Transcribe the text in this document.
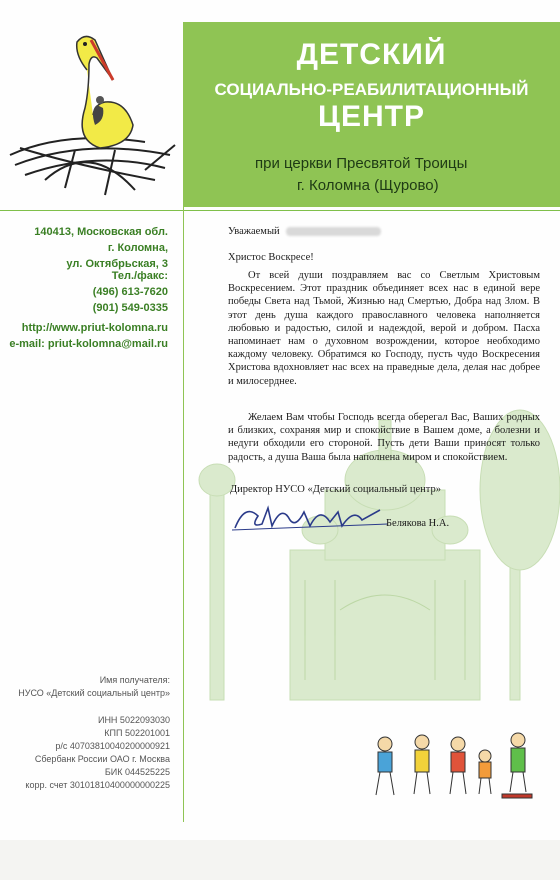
ДЕТСКИЙ
СОЦИАЛЬНО-РЕАБИЛИТАЦИОННЫЙ
ЦЕНТР
при церкви Пресвятой Троицы
г. Коломна (Щурово)
140413, Московская обл.
г. Коломна,
ул. Октябрьская, 3
Тел./факс:
(496) 613-7620
(901) 549-0335
http://www.priut-kolomna.ru
e-mail: priut-kolomna@mail.ru
Имя получателя:
НУСО «Детский социальный центр»
ИНН 5022093030
КПП 502201001
р/с 40703810040200000921
Сбербанк России ОАО г. Москва
БИК 044525225
корр. счет 30101810400000000225
Уважаемый
Христос Воскресе!

От всей души поздравляем вас со Светлым Христовым Воскресением. Этот праздник объединяет всех нас в единой вере победы Света над Тьмой, Жизнью над Смертью, Добра над Злом. В этот день душа каждого православного человека наполняется любовью и радостью, силой и надеждой, верой и добром. Пасха напоминает нам о духовном возрождении, которое необходимо каждому человеку. Обратимся ко Господу, пусть чудо Воскресения Христова вдохновляет нас всех на праведные дела, делая нас добрее и милосерднее.

Желаем Вам чтобы Господь всегда оберегал Вас, Ваших родных и близких, сохраняя мир и спокойствие в Вашем доме, а болезни и недуги обходили его стороной. Пусть дети Ваши приносят только радость, а душа Ваша была наполнена миром и спокойствием.

Директор НУСО «Детский социальный центр»
Белякова Н.А.
